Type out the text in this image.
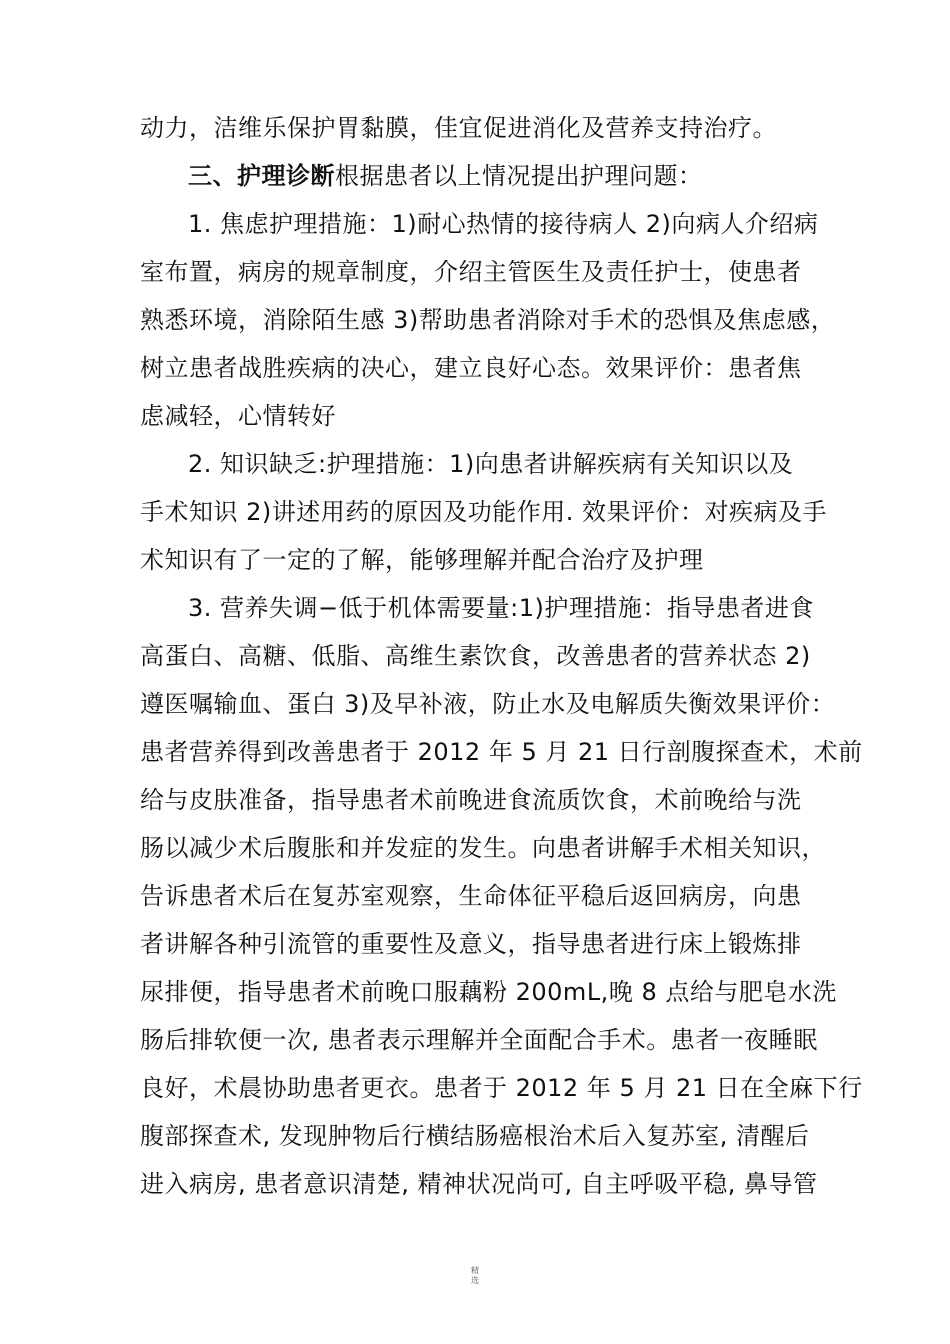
动力，洁维乐保护胃黏膜，佳宜促进消化及营养支持治疗。
三、护理诊断根据患者以上情况提出护理问题：
1. 焦虑护理措施：1)耐心热情的接待病人 2)向病人介绍病
室布置，病房的规章制度，介绍主管医生及责任护士，使患者
熟悉环境，消除陌生感 3)帮助患者消除对手术的恐惧及焦虑感，
树立患者战胜疾病的决心，建立良好心态。效果评价：患者焦
虑减轻，心情转好
2. 知识缺乏:护理措施：1)向患者讲解疾病有关知识以及
手术知识 2)讲述用药的原因及功能作用. 效果评价：对疾病及手
术知识有了一定的了解，能够理解并配合治疗及护理
3. 营养失调−低于机体需要量:1)护理措施：指导患者进食
高蛋白、高糖、低脂、高维生素饮食，改善患者的营养状态 2)
遵医嘱输血、蛋白 3)及早补液，防止水及电解质失衡效果评价：
患者营养得到改善患者于 2012 年 5 月 21 日行剖腹探查术，术前
给与皮肤准备，指导患者术前晚进食流质饮食，术前晚给与洗
肠以减少术后腹胀和并发症的发生。向患者讲解手术相关知识，
告诉患者术后在复苏室观察，生命体征平稳后返回病房，向患
者讲解各种引流管的重要性及意义，指导患者进行床上锻炼排
尿排便，指导患者术前晚口服藕粉 200mL,晚 8 点给与肥皂水洗
肠后排软便一次, 患者表示理解并全面配合手术。患者一夜睡眠
良好，术晨协助患者更衣。患者于 2012 年 5 月 21 日在全麻下行
腹部探查术, 发现肿物后行横结肠癌根治术后入复苏室, 清醒后
进入病房, 患者意识清楚, 精神状况尚可, 自主呼吸平稳, 鼻导管
精
选
